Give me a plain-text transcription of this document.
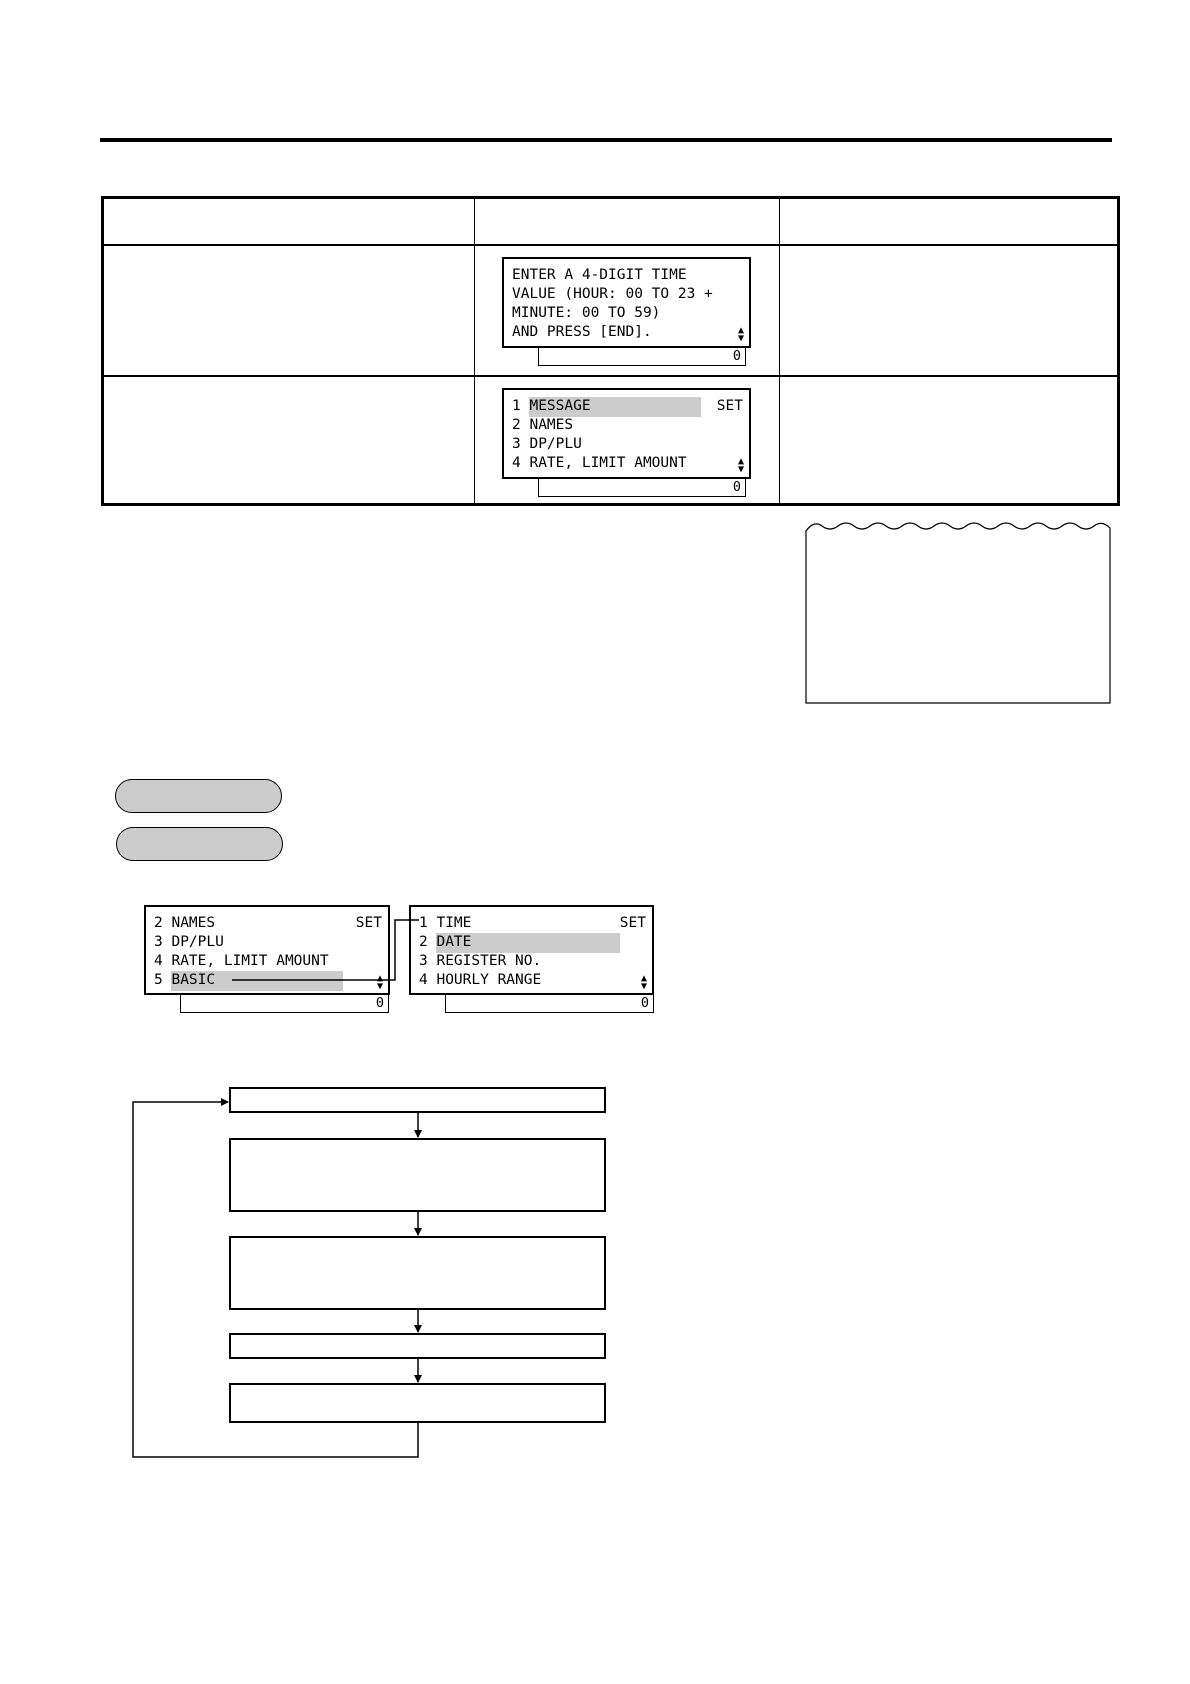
ENTER A 4-DIGIT TIME
VALUE (HOUR: 00 TO 23 +
MINUTE: 00 TO 59)
AND PRESS [END].	▲
▼
0
1 MESSAGE	SET
2 NAMES
3 DP/PLU
4 RATE, LIMIT AMOUNT	▲
▼
0
2 NAMES	SET
3 DP/PLU
4 RATE, LIMIT AMOUNT
5 BASIC	▲
▼
0
1 TIME	SET
2 DATE
3 REGISTER NO.
4 HOURLY RANGE	▲
▼
0
